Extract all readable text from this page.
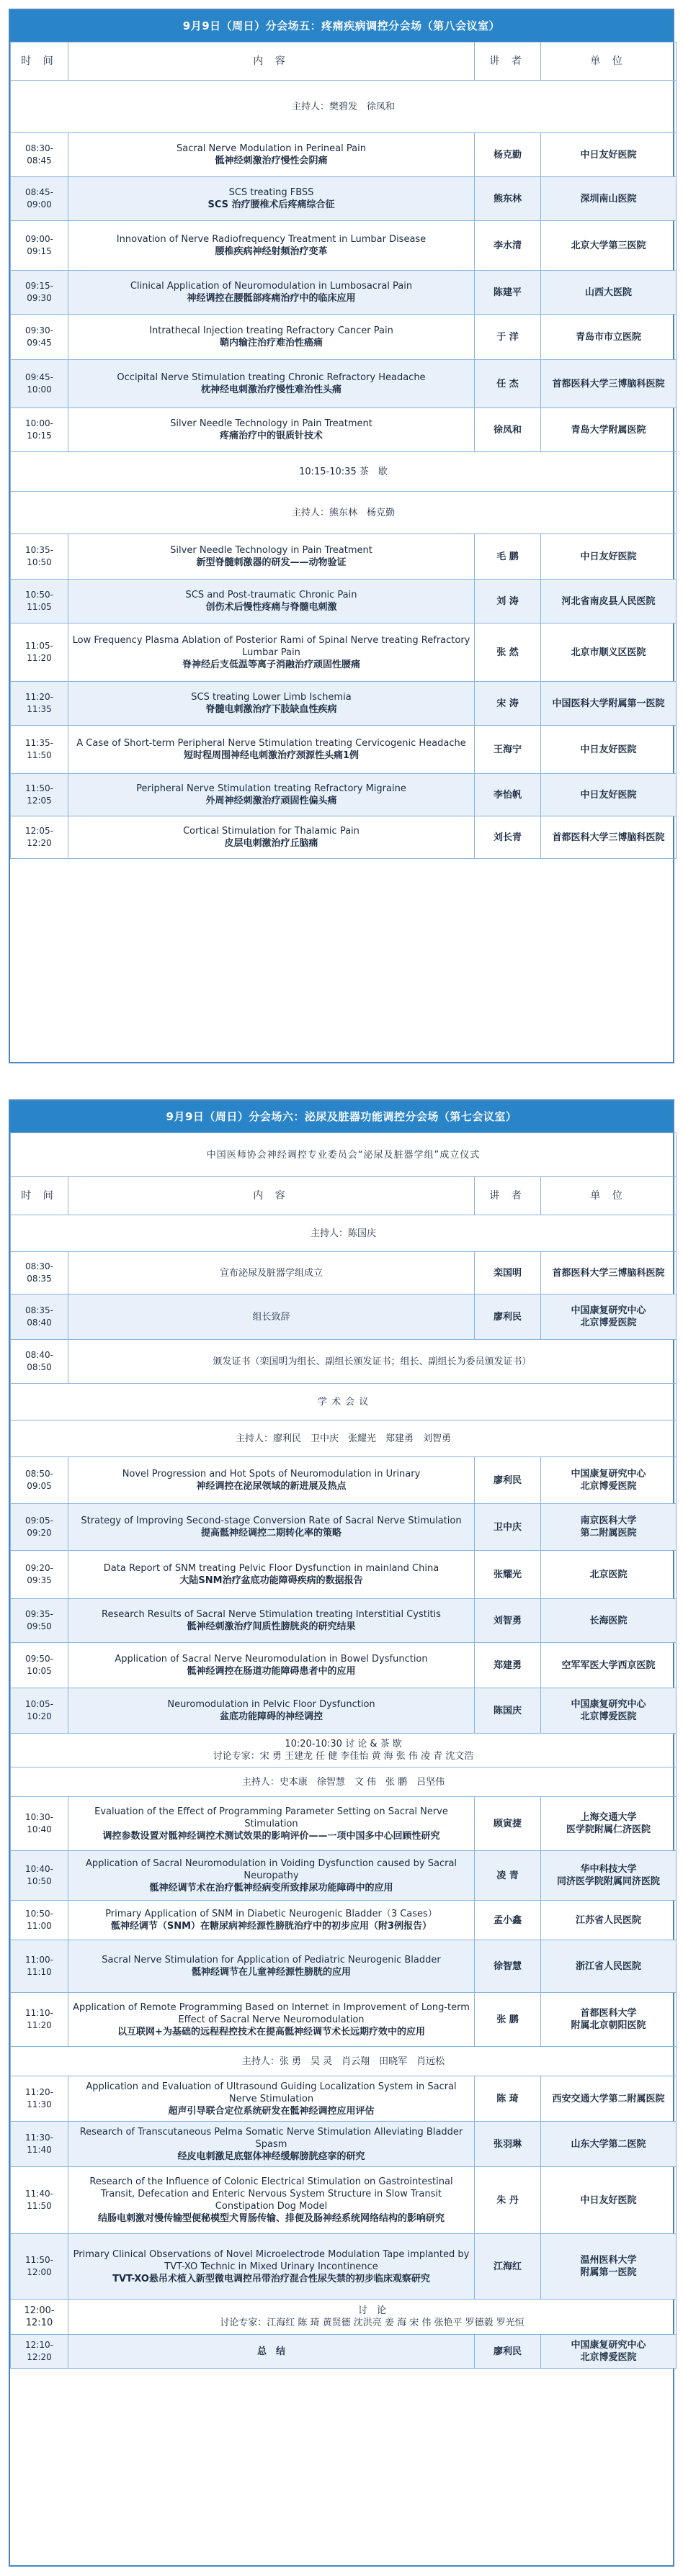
9月9日（周日）分会场五：疼痛疾病调控分会场（第八会议室）
时 间	内 容	讲 者	单 位
主持人：樊碧发　徐凤和			
08:30-08:45	Sacral Nerve Modulation in Perineal Pain
骶神经刺激治疗慢性会阴痛	杨克勤	中日友好医院
08:45-09:00	SCS treating FBSS
SCS 治疗腰椎术后疼痛综合征	熊东林	深圳南山医院
09:00-09:15	Innovation of Nerve Radiofrequency Treatment in Lumbar Disease
腰椎疾病神经射频治疗变革	李水清	北京大学第三医院
09:15-09:30	Clinical Application of Neuromodulation in Lumbosacral Pain
神经调控在腰骶部疼痛治疗中的临床应用	陈建平	山西大医院
09:30-09:45	Intrathecal Injection treating Refractory Cancer Pain
鞘内输注治疗难治性癌痛	于 洋	青岛市市立医院
09:45-10:00	Occipital Nerve Stimulation treating Chronic Refractory Headache
枕神经电刺激治疗慢性难治性头痛	任 杰	首都医科大学三博脑科医院
10:00-10:15	Silver Needle Technology in Pain Treatment
疼痛治疗中的银质针技术	徐凤和	青岛大学附属医院
10:15-10:35 茶　歇			
主持人：熊东林　杨克勤			
10:35-10:50	Silver Needle Technology in Pain Treatment
新型脊髓刺激器的研发——动物验证	毛 鹏	中日友好医院
10:50-11:05	SCS and Post-traumatic Chronic Pain
创伤术后慢性疼痛与脊髓电刺激	刘 涛	河北省南皮县人民医院
11:05-11:20	Low Frequency Plasma Ablation of Posterior Rami of Spinal Nerve treating Refractory Lumbar Pain
脊神经后支低温等离子消融治疗顽固性腰痛	张 然	北京市顺义区医院
11:20-11:35	SCS treating Lower Limb Ischemia
脊髓电刺激治疗下肢缺血性疾病	宋 涛	中国医科大学附属第一医院
11:35-11:50	A Case of Short-term Peripheral Nerve Stimulation treating Cervicogenic Headache
短时程周围神经电刺激治疗颈源性头痛1例	王海宁	中日友好医院
11:50-12:05	Peripheral Nerve Stimulation treating Refractory Migraine
外周神经刺激治疗顽固性偏头痛	李怡帆	中日友好医院
12:05-12:20	Cortical Stimulation for Thalamic Pain
皮层电刺激治疗丘脑痛	刘长青	首都医科大学三博脑科医院
9月9日（周日）分会场六：泌尿及脏器功能调控分会场（第七会议室）
中国医师协会神经调控专业委员会“泌尿及脏器学组”成立仪式			
时 间	内 容	讲 者	单 位
主持人：陈国庆			
08:30-08:35	宣布泌尿及脏器学组成立	栾国明	首都医科大学三博脑科医院
08:35-08:40	组长致辞	廖利民	中国康复研究中心
北京博爱医院
08:40-08:50	颁发证书（栾国明为组长、副组长颁发证书；组长、副组长为委员颁发证书）		

学 术 会 议			
主持人：廖利民　卫中庆　张耀光　郑建勇　刘智勇			
08:50-09:05	Novel Progression and Hot Spots of Neuromodulation in Urinary
神经调控在泌尿领域的新进展及热点	廖利民	中国康复研究中心
北京博爱医院
09:05-09:20	Strategy of Improving Second-stage Conversion Rate of Sacral Nerve Stimulation
提高骶神经调控二期转化率的策略	卫中庆	南京医科大学
第二附属医院
09:20-09:35	Data Report of SNM treating Pelvic Floor Dysfunction in mainland China
大陆SNM治疗盆底功能障碍疾病的数据报告	张耀光	北京医院
09:35-09:50	Research Results of Sacral Nerve Stimulation treating Interstitial Cystitis
骶神经刺激治疗间质性膀胱炎的研究结果	刘智勇	长海医院
09:50-10:05	Application of Sacral Nerve Neuromodulation in Bowel Dysfunction
骶神经调控在肠道功能障碍患者中的应用	郑建勇	空军军医大学西京医院
10:05-10:20	Neuromodulation in Pelvic Floor Dysfunction
盆底功能障碍的神经调控	陈国庆	中国康复研究中心
北京博爱医院

10:20-10:30 讨 论 & 茶 歇
讨论专家：宋 勇 王建龙 任 健 李佳怡 黄 海 张 伟 凌 青 沈文浩			

主持人：史本康　徐智慧　文 伟　张 鹏　吕坚伟			
10:30-10:40	Evaluation of the Effect of Programming Parameter Setting on Sacral Nerve Stimulation
调控参数设置对骶神经调控术测试效果的影响评价——一项中国多中心回顾性研究	顾寅捷	上海交通大学
医学院附属仁济医院
10:40-10:50	Application of Sacral Neuromodulation in Voiding Dysfunction caused by Sacral Neuropathy
骶神经调节术在治疗骶神经病变所致排尿功能障碍中的应用	凌 青	华中科技大学
同济医学院附属同济医院
10:50-11:00	Primary Application of SNM in Diabetic Neurogenic Bladder（3 Cases）
骶神经调节（SNM）在糖尿病神经源性膀胱治疗中的初步应用（附3例报告）	孟小鑫	江苏省人民医院
11:00-11:10	Sacral Nerve Stimulation for Application of Pediatric Neurogenic Bladder
骶神经调节在儿童神经源性膀胱的应用	徐智慧	浙江省人民医院
11:10-11:20	Application of Remote Programming Based on Internet in Improvement of Long-term Effect of Sacral Nerve Neuromodulation
以互联网+为基础的远程程控技术在提高骶神经调节术长远期疗效中的应用	张 鹏	首都医科大学
附属北京朝阳医院
主持人：张 勇　吴 灵　肖云翔　田晓军　肖远松			
11:20-11:30	Application and Evaluation of Ultrasound Guiding Localization System in Sacral Nerve Stimulation
超声引导联合定位系统研发在骶神经调控应用评估	陈 琦	西安交通大学第二附属医院
11:30-11:40	Research of Transcutaneous Pelma Somatic Nerve Stimulation Alleviating Bladder Spasm
经皮电刺激足底躯体神经缓解膀胱痉挛的研究	张羽琳	山东大学第二医院
11:40-11:50	Research of the Influence of Colonic Electrical Stimulation on Gastrointestinal Transit, Defecation and Enteric Nervous System Structure in Slow Transit Constipation Dog Model
结肠电刺激对慢传输型便秘模型犬胃肠传输、排便及肠神经系统网络结构的影响研究	朱 丹	中日友好医院
11:50-12:00	Primary Clinical Observations of Novel Microelectrode Modulation Tape implanted by TVT-XO Technic in Mixed Urinary Incontinence
TVT-XO悬吊术植入新型微电调控吊带治疗混合性尿失禁的初步临床观察研究	江海红	温州医科大学
附属第一医院
12:00-12:10	讨　论
讨论专家：江海红 陈 琦 黄贤德 沈洪亮 姜 海 宋 伟 张艳平 罗德毅 罗光恒		

12:10-12:20	总　结	廖利民	中国康复研究中心
北京博爱医院
